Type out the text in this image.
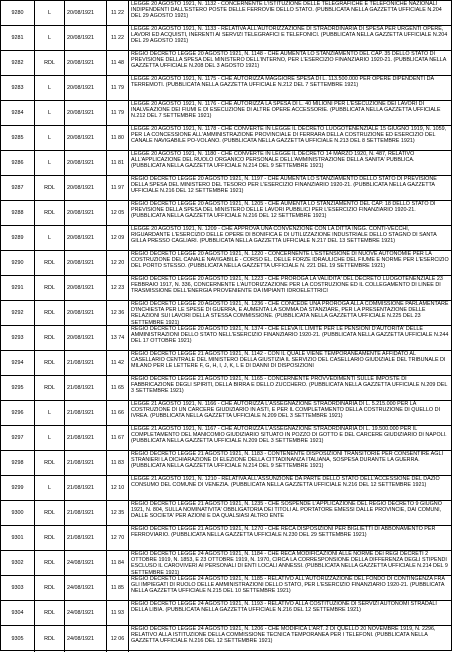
9280	L	20/08/1921	11 22
LEGGE 20 AGOSTO 1921, N. 1132 - CONCERNENTE L'ISTITUZIONE DELLE TELEGRAFICHE E TELEFONICHE NAZIONALI INDIPENDENTI DALL'ESTERO POSTE DELLE FERROVIE DELLO STATO. (PUBBLICATA NELLA GAZZETTA UFFICIALE N.204 DEL 29 AGOSTO 1921)
9281	L	20/08/1921	11 22
LEGGE 20 AGOSTO 1921, N. 1133 - RELATIVA ALL'AUTORIZZAZIONE DI STRAORDINARIA DI SPESA PER URGENTI OPERE, LAVORI ED ACQUISTI, INERENTI AI SERVIZI TELEGRAFICI E TELEFONICI. (PUBBLICATA NELLA GAZZETTA UFFICIALE N.204 DEL 29 AGOSTO 1921)
9282	RDL 20/08/1921	11 48
REGIO DECRETO LEGGE 20 AGOSTO 1921, N. 1148 - CHE AUMENTA LO STANZIAMENTO DEL CAP. 35 DELLO STATO DI PREVISIONE DELLA SPESA DEL MINISTERO DELL'INTERNO, PER L'ESERCIZIO FINANZIARIO 1920-21. (PUBBLICATA NELLA GAZZETTA UFFICIALE N.208 DEL 3 AGOSTO 1921)
9283	L	20/08/1921	11 79
LEGGE 20 AGOSTO 1921, N. 1175 - CHE AUTORIZZA MAGGIORE SPESA DI L. 113.500.000 PER OPERE DIPENDENTI DA TERREMOTI. (PUBBLICATA NELLA GAZZETTA UFFICIALE N.212 DEL 7 SETTEMBRE 1921)
9284	L	20/08/1921	11 79
LEGGE 20 AGOSTO 1921, N. 1176 - CHE AUTORIZZA LA SPESA DI L. 40 MILIONI PER L'ESECUZIONE DEI LAVORI DI INALVEAZIONE DEI FIUMI E DI ESECUZIONE DI ALTRE OPERE ACCESSORIE. (PUBBLICATA NELLA GAZZETTA UFFICIALE N.212 DEL 7 SETTEMBRE 1921)
9285	L	20/08/1921	11 80
LEGGE 20 AGOSTO 1921, N. 1178 - CHE CONVERTE IN LEGGE IL DECRETO LUOGOTENENZIALE 15 GIUGNO 1919, N. 1059, PER LA CONCESSIONE ALL'AMMINISTRAZIONE PROVINCIALE DI FERRARA DELLA COSTRUZIONE ED ESERCIZIO DEL CANALE NAVIGABILE PO-VOLANO. (PUBBLICATA NELLA GAZZETTA UFFICIALE N.213 DEL 8 SETTEMBRE 1921)
9286	L	20/08/1921	11 81
LEGGE 20 AGOSTO 1921, N. 1180 - CHE CONVERTE IN LEGGE IL DECRETO 14 MARZO 1920, N. 487, RELATIVO ALL'APPLICAZIONE DEL RUOLO ORGANICO PERSONALE DELL'AMMINISTRAZIONE DELLA SANITA' PUBBLICA. (PUBBLICATA NELLA GAZZETTA UFFICIALE N.214 DEL 9 SETTEMBRE 1921)
9287	RDL 20/08/1921	11 97
REGIO DECRETO LEGGE 20 AGOSTO 1921, N. 1197 - CHE AUMENTA LO STANZIAMENTO DELLO STATO DI PREVISIONE DELLA SPESA DEL MINISTERO DEL TESORO PER L'ESERCIZIO FINANZIARIO 1920-21. (PUBBLICATA NELLA GAZZETTA UFFICIALE N.216 DEL 12 SETTEMBRE 1921)
9288	RDL 20/08/1921	12 05
REGIO DECRETO LEGGE 20 AGOSTO 1921, N. 1205 - CHE AUMENTA LO STANZIAMENTO DEL CAP. 18 DELLO STATO DI PREVISIONE DELLA SPESA DEL MINISTERO DELLE LAVORI PUBBLICI PER L'ESERCIZIO FINANZIARIO 1920-21. (PUBBLICATA NELLA GAZZETTA UFFICIALE N.216 DEL 12 SETTEMBRE 1921)
9289	L	20/08/1921	12 09
LEGGE 20 AGOSTO 1921, N. 1209 - CHE APPROVA UNA CONVENZIONE CON LA DITTA INGG. CONTI-VECCHI, RIGUARDANTE L'ESERCIZIO DELLE OPERE DI BONIFICA E DI UTILIZZAZIONE INDUSTRIALE DELLO STAGNO DI SANTA GILLA PRESSO CAGLIARI. (PUBBLICATA NELLA GAZZETTA UFFICIALE N.217 DEL 13 SETTEMBRE 1921)
9290	RDL 20/08/1921	12 20
REGIO DECRETO LEGGE 20 AGOSTO 1921, N. 1220 - CONCERNENTE L'ESTENSIONE DI NUOVE AUTONOMIE PER LA COSTRUZIONE DEL CANALE NAVIGABILE - CORSO EL. DELLE FORZE IDRAULICHE DEL FIUME E NORME PER L'ESERCIZIO DEL PORTO STESSO. (PUBBLICATA NELLA GAZZETTA UFFICIALE N. 221 DEL 19 SETTEMBRE 1921)
9291	RDL 20/08/1921	12 23
REGIO DECRETO LEGGE 20 AGOSTO 1921, N. 1223 - CHE PROROGA LA VALIDITA' DEL DECRETO LUOGOTENENZIALE 23 FEBBRAIO 1917, N. 336, CONCERNENTE L'AUTORIZZAZIONE PER LA COSTRUZIONE ED IL COLLEGAMENTO DI LINEE DI TRASMISSIONE DELL'ENERGIA PROVENIENTE DA IMPIANTI IDROELETTRICI
9292	RDL 20/08/1921	12 36
REGIO DECRETO LEGGE 20 AGOSTO 1921, N. 1236 - CHE CONCEDE UNA PROROGA ALLA COMMISSIONE PARLAMENTARE D'INCHIESTA PER LE SPESE DI GUERRA, E AUMENTA LA SOMMA DA STANZIARE, PER LA PRESENTAZIONE DELLE RELAZIONI SUI LAVORI DELLA STESSA COMMISSIONE. (PUBBLICATA NELLA GAZZETTA UFFICIALE N.225 DEL 23 SETTEMBRE 1921)
9293	RDL 20/08/1921	13 74
REGIO DECRETO LEGGE 20 AGOSTO 1921, N. 1374 - CHE ELEVA IL LIMITE PER LE PENSIONI D'AUTORITA' DELLE AMMINISTRAZIONI DELLO STATO NELL'ESERCIZIO FINANZIARIO 1920-21. (PUBBLICATA NELLA GAZZETTA UFFICIALE N.244 DEL 17 OTTOBRE 1921)
9294	RDL 21/08/1921	11 42
REGIO DECRETO LEGGE 21 AGOSTO 1921, N. 1142 - CON IL QUALE VIENE TEMPORANEAMENTE AFFIDATO AL CASELLARIO CENTRALE DEL MINISTERO DELLA GIUSTIZIA IL SERVIZIO DEL CASELLARIO GIUDIZIALE DEL TRIBUNALE DI MILANO PER LE LETTERE F, G, H, I, J, K, L E DI DANNI DI DISPOSIZIONI
9295	RDL 21/08/1921	11 65
REGIO DECRETO LEGGE 21 AGOSTO 1921, N. 1165 - CONCERNENTE PROVVEDIMENTI SULLE IMPOSTE DI FABBRICAZIONE DEGLI SPIRITI, DELLA BIRRA E DELLO ZUCCHERO. (PUBBLICATA NELLA GAZZETTA UFFICIALE N.209 DEL 3 SETTEMBRE 1921)
9296	L	21/08/1921	11 66
LEGGE 21 AGOSTO 1921, N. 1166 - CHE AUTORIZZA L'ASSEGNAZIONE STRAORDINARIA DI L. 5.215.000 PER LA COSTRUZIONE DI UN CARCERE GIUDIZIARIO IN ASTI, E PER IL COMPLETAMENTO DELLA COSTRUZIONE DI QUELLO DI IVREA. (PUBBLICATA NELLA GAZZETTA UFFICIALE N.209 DEL 3 SETTEMBRE 1921)
9297	L	21/08/1921	11 67
LEGGE 21 AGOSTO 1921, N. 1167 - CHE AUTORIZZA L'ASSEGNAZIONE STRAORDINARIA DI L. 19.500.000 PER IL COMPLETAMENTO DEL MANICOMIO GIUDIZIARIO SITUATO IN POZZO DI GOTTO E DEL CARCERE GIUDIZIARIO DI NAPOLI. (PUBBLICATA NELLA GAZZETTA UFFICIALE N.209 DEL 3 SETTEMBRE 1921)
9298	RDL 21/08/1921	11 83
REGIO DECRETO LEGGE 21 AGOSTO 1921, N. 1183 - CONTENENTE DISPOSIZIONI TRANSITORIE PER CONSENTIRE AGLI STRANIERI LA DICHIARAZIONE DI ELEZIONE DELLA CITTADINANZA ITALIANA, SOSPESA DURANTE LA GUERRA. (PUBBLICATA NELLA GAZZETTA UFFICIALE N.214 DEL 9 SETTEMBRE 1921)
9299	L	21/08/1921	12 10
LEGGE 21 AGOSTO 1921, N. 1210 - RELATIVA ALL'ASSUNZIONE DA PARTE DELLO STATO DELL'ACCESSIONE DEL DAZIO CONSUMO DEL COMUNE DI VENEZIA. (PUBBLICATA NELLA GAZZETTA UFFICIALE N.216 DEL 12 SETTEMBRE 1921)
9300	RDL 21/08/1921	12 35
REGIO DECRETO LEGGE 21 AGOSTO 1921, N. 1235 - CHE SOSPENDE L'APPLICAZIONE DEL REGIO DECRETO 9 GIUGNO 1921, N. 804, SULLA NOMINATIVITA' OBBLIGATORIA DEI TITOLI AL PORTATORE EMESSI DALLE PROVINCIE, DAI COMUNI, DALLE SOCIETA' PER AZIONI E DA QUALSIASI ALTRO ENTE
9301	RDL 21/08/1921	12 70
REGIO DECRETO LEGGE 21 AGOSTO 1921, N. 1270 - CHE RECA DISPOSIZIONI PER BIGLIETTI DI ABBONAMENTO PER FERROVIARIO. (PUBBLICATA NELLA GAZZETTA UFFICIALE N.230 DEL 29 SETTEMBRE 1921)
9302	RDL 24/08/1921	11 84
REGIO DECRETO LEGGE 24 AGOSTO 1921, N. 1184 - CHE RECA MODIFICAZIONI ALLE NORME DEI REGI DECRETI 2 OTTOBRE 1919, N. 1853, E 23 OTTOBRE 1919, N. 1970, CIRCA LA CORRESPONSIONE DELLA DIFFERENZA DEGLI STIPENDI ESCLUSO IL CAROVIVERI AI PERSONALI DI ENTI LOCALI ANNESSI. (PUBBLICATA NELLA GAZZETTA UFFICIALE N.214 DEL 9 SETTEMBRE 1921)
9303	RDL 24/08/1921	11 85
REGIO DECRETO LEGGE 24 AGOSTO 1921, N. 1185 - RELATIVO ALL'AUTORIZZAZIONE DEL FONDO DI CONTINGENZA FRA GLI IMPIEGATI DI RUOLO DELLE AMMINISTRAZIONI DELLO STATO, PER L'ESERCIZIO FINANZIARIO 1920-21. (PUBBLICATA NELLA GAZZETTA UFFICIALE N.215 DEL 10 SETTEMBRE 1921)
9304	RDL 24/08/1921	11 93
REGIO DECRETO LEGGE 24 AGOSTO 1921, N. 1193 - RELATIVO ALLA COSTITUZIONE DI SERVIZI AUTONOMI STRADALI DELLA LIBIA. (PUBBLICATA NELLA GAZZETTA UFFICIALE N.216 DEL 12 SETTEMBRE 1921)
9305	RDL 24/08/1921	12 06
REGIO DECRETO LEGGE 24 AGOSTO 1921, N. 1206 - CHE MODIFICA L'ART. 2 DI QUELLO 20 NOVEMBRE 1919, N. 2296, RELATIVO ALLA ISTITUZIONE DELLA COMMISSIONE TECNICA TEMPORANEA PER I TELEFONI. (PUBBLICATA NELLA GAZZETTA UFFICIALE N.216 DEL 12 SETTEMBRE 1921)
